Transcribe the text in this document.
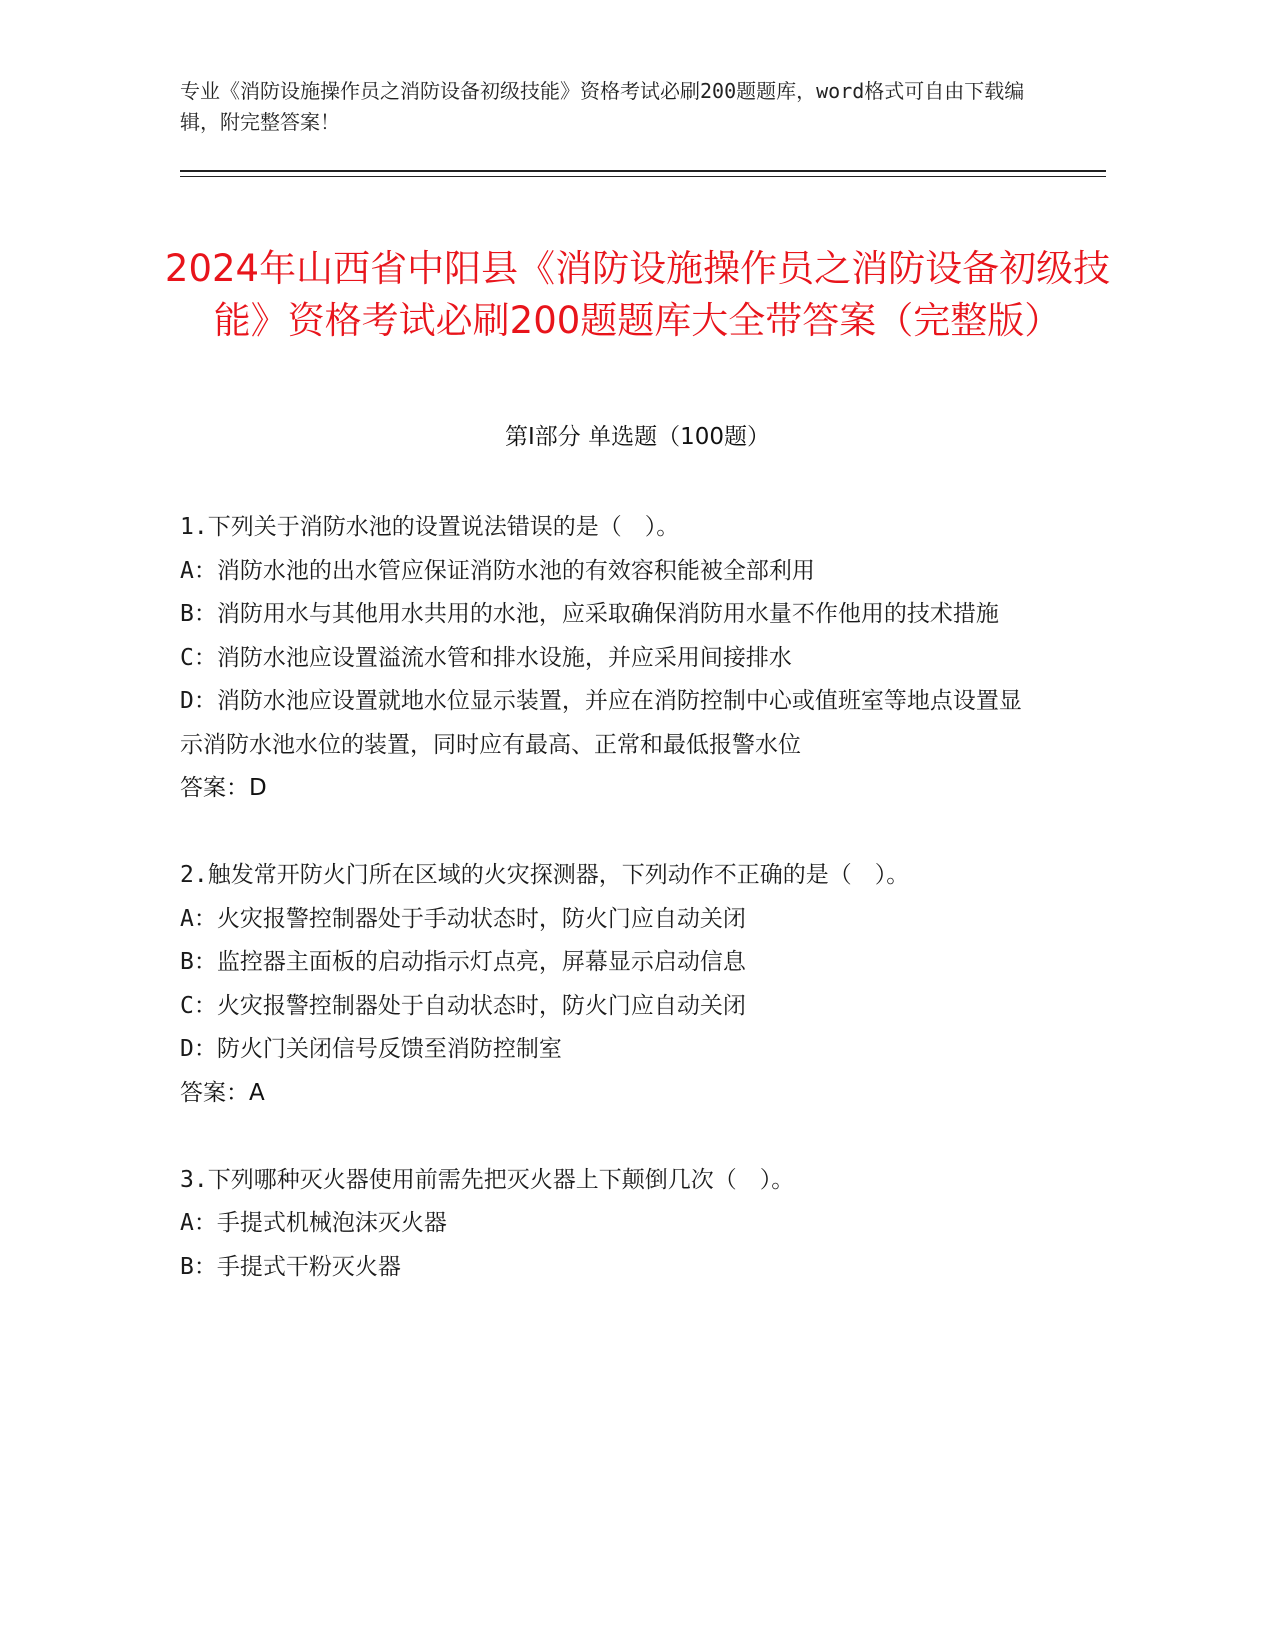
专业《消防设施操作员之消防设备初级技能》资格考试必刷200题题库，word格式可自由下载编辑，附完整答案！
2024年山西省中阳县《消防设施操作员之消防设备初级技能》资格考试必刷200题题库大全带答案（完整版）
第I部分 单选题（100题）

1.下列关于消防水池的设置说法错误的是（　）。

A：消防水池的出水管应保证消防水池的有效容积能被全部利用

B：消防用水与其他用水共用的水池，应采取确保消防用水量不作他用的技术措施

C：消防水池应设置溢流水管和排水设施，并应采用间接排水

D：消防水池应设置就地水位显示装置，并应在消防控制中心或值班室等地点设置显示消防水池水位的装置，同时应有最高、正常和最低报警水位

答案：D

2.触发常开防火门所在区域的火灾探测器，下列动作不正确的是（　）。

A：火灾报警控制器处于手动状态时，防火门应自动关闭

B：监控器主面板的启动指示灯点亮，屏幕显示启动信息

C：火灾报警控制器处于自动状态时，防火门应自动关闭

D：防火门关闭信号反馈至消防控制室

答案：A

3.下列哪种灭火器使用前需先把灭火器上下颠倒几次（　）。

A：手提式机械泡沫灭火器

B：手提式干粉灭火器
